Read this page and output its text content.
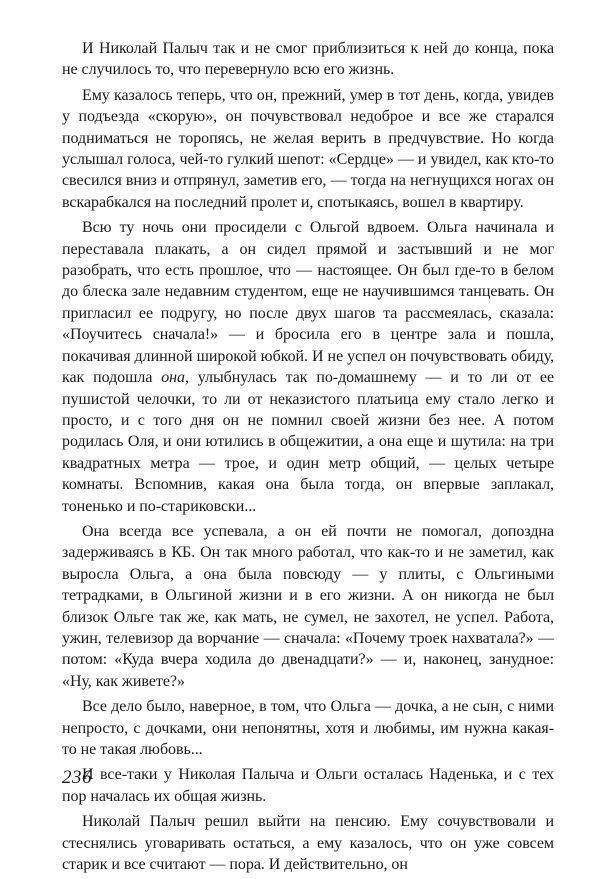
И Николай Палыч так и не смог приблизиться к ней до конца, пока не случилось то, что перевернуло всю его жизнь.

Ему казалось теперь, что он, прежний, умер в тот день, когда, увидев у подъезда «скорую», он почувствовал недоброе и все же старался подниматься не торопясь, не желая верить в предчувствие. Но когда услышал голоса, чей-то гулкий шепот: «Сердце» — и увидел, как кто-то свесился вниз и отпрянул, заметив его, — тогда на негнущихся ногах он вскарабкался на последний пролет и, спотыкаясь, вошел в квартиру.

Всю ту ночь они просидели с Ольгой вдвоем. Ольга начинала и переставала плакать, а он сидел прямой и застывший и не мог разобрать, что есть прошлое, что — настоящее. Он был где-то в белом до блеска зале недавним студентом, еще не научившимся танцевать. Он пригласил ее подругу, но после двух шагов та рассмеялась, сказала: «Поучитесь сначала!» — и бросила его в центре зала и пошла, покачивая длинной широкой юбкой. И не успел он почувствовать обиду, как подошла она, улыбнулась так по-домашнему — и то ли от ее пушистой челочки, то ли от неказистого платьица ему стало легко и просто, и с того дня он не помнил своей жизни без нее. А потом родилась Оля, и они ютились в общежитии, а она еще и шутила: на три квадратных метра — трое, и один метр общий, — целых четыре комнаты. Вспомнив, какая она была тогда, он впервые заплакал, тоненько и по-стариковски...

Она всегда все успевала, а он ей почти не помогал, допоздна задерживаясь в КБ. Он так много работал, что как-то и не заметил, как выросла Ольга, а она была повсюду — у плиты, с Ольгиными тетрадками, в Ольгиной жизни и в его жизни. А он никогда не был близок Ольге так же, как мать, не сумел, не захотел, не успел. Работа, ужин, телевизор да ворчание — сначала: «Почему троек нахватала?» — потом: «Куда вчера ходила до двенадцати?» — и, наконец, занудное: «Ну, как живете?»

Все дело было, наверное, в том, что Ольга — дочка, а не сын, с ними непросто, с дочками, они непонятны, хотя и любимы, им нужна какая-то не такая любовь...

И все-таки у Николая Палыча и Ольги осталась Наденька, и с тех пор началась их общая жизнь.

Николай Палыч решил выйти на пенсию. Ему сочувствовали и стеснялись уговаривать остаться, а ему казалось, что он уже совсем старик и все считают — пора. И действительно, он

236
